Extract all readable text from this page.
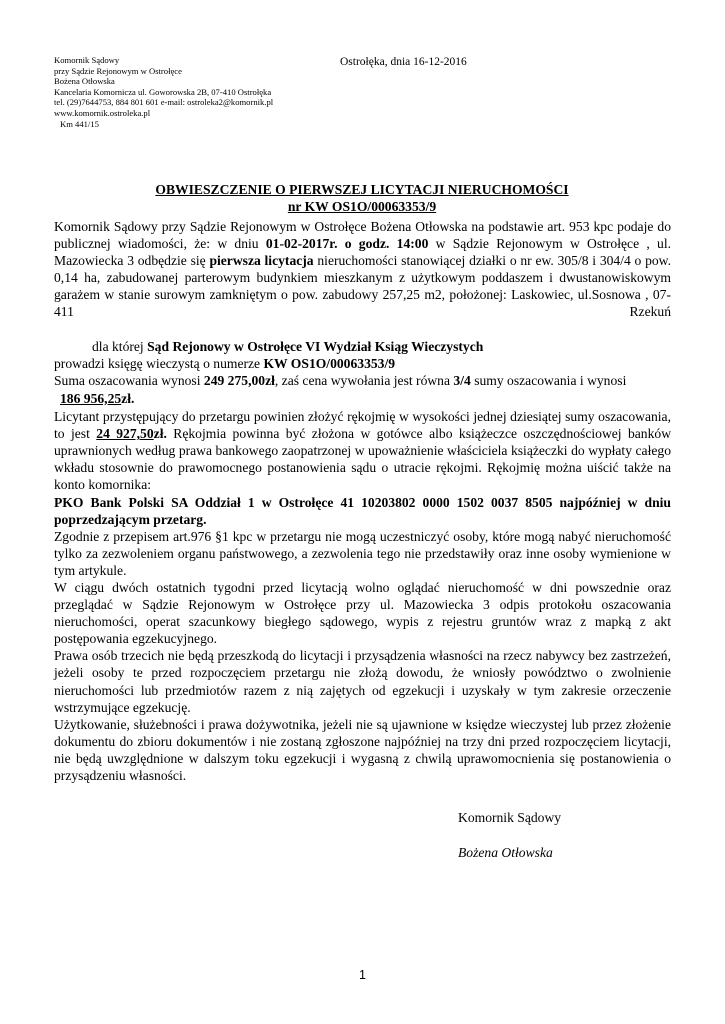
Komornik Sądowy
przy Sądzie Rejonowym w Ostrołęce
Bożena Otłowska
Kancelaria Komornicza ul. Goworowska 2B, 07-410 Ostrołęka
tel. (29)7644753, 884 801 601 e-mail: ostroleka2@komornik.pl
www.komornik.ostroleka.pl
Km 441/15
Ostrołęka, dnia 16-12-2016
OBWIESZCZENIE O PIERWSZEJ LICYTACJI NIERUCHOMOŚCI
nr KW OS1O/00063353/9

Komornik Sądowy przy Sądzie Rejonowym w Ostrołęce Bożena Otłowska na podstawie art. 953 kpc podaje do publicznej wiadomości, że: w dniu 01-02-2017r. o godz. 14:00 w Sądzie Rejonowym w Ostrołęce , ul. Mazowiecka 3 odbędzie się pierwsza licytacja nieruchomości stanowiącej działki o nr ew. 305/8 i 304/4 o pow. 0,14 ha, zabudowanej parterowym budynkiem mieszkanym z użytkowym poddaszem i dwustanowiskowym garażem w stanie surowym zamkniętym o pow. zabudowy 257,25 m2, położonej: Laskowiec, ul.Sosnowa , 07-411 Rzekuń

dla której Sąd Rejonowy w Ostrołęce VI Wydział Ksiąg Wieczystych

prowadzi księgę wieczystą o numerze KW OS1O/00063353/9

Suma oszacowania wynosi 249 275,00zł, zaś cena wywołania jest równa 3/4 sumy oszacowania i wynosi

186 956,25zł.

Licytant przystępujący do przetargu powinien złożyć rękojmię w wysokości jednej dziesiątej sumy oszacowania, to jest 24 927,50zł. Rękojmia powinna być złożona w gotówce albo książeczce oszczędnościowej banków uprawnionych według prawa bankowego zaopatrzonej w upoważnienie właściciela książeczki do wypłaty całego wkładu stosownie do prawomocnego postanowienia sądu o utracie rękojmi. Rękojmię można uiścić także na konto komornika:

PKO Bank Polski SA Oddział 1 w Ostrołęce 41 10203802 0000 1502 0037 8505 najpóźniej w dniu poprzedzającym przetarg.

Zgodnie z przepisem art.976 §1 kpc w przetargu nie mogą uczestniczyć osoby, które mogą nabyć nieruchomość tylko za zezwoleniem organu państwowego, a zezwolenia tego nie przedstawiły oraz inne osoby wymienione w tym artykule.

W ciągu dwóch ostatnich tygodni przed licytacją wolno oglądać nieruchomość w dni powszednie oraz przeglądać w Sądzie Rejonowym w Ostrołęce przy ul. Mazowiecka 3 odpis protokołu oszacowania nieruchomości, operat szacunkowy biegłego sądowego, wypis z rejestru gruntów wraz z mapką z akt postępowania egzekucyjnego.

Prawa osób trzecich nie będą przeszkodą do licytacji i przysądzenia własności na rzecz nabywcy bez zastrzeżeń, jeżeli osoby te przed rozpoczęciem przetargu nie złożą dowodu, że wniosły powództwo o zwolnienie nieruchomości lub przedmiotów razem z nią zajętych od egzekucji i uzyskały w tym zakresie orzeczenie wstrzymujące egzekucję.

Użytkowanie, służebności i prawa dożywotnika, jeżeli nie są ujawnione w księdze wieczystej lub przez złożenie dokumentu do zbioru dokumentów i nie zostaną zgłoszone najpóźniej na trzy dni przed rozpoczęciem licytacji, nie będą uwzględnione w dalszym toku egzekucji i wygasną z chwilą uprawomocnienia się postanowienia o przysądzeniu własności.

Komornik Sądowy
Bożena Otłowska
1
